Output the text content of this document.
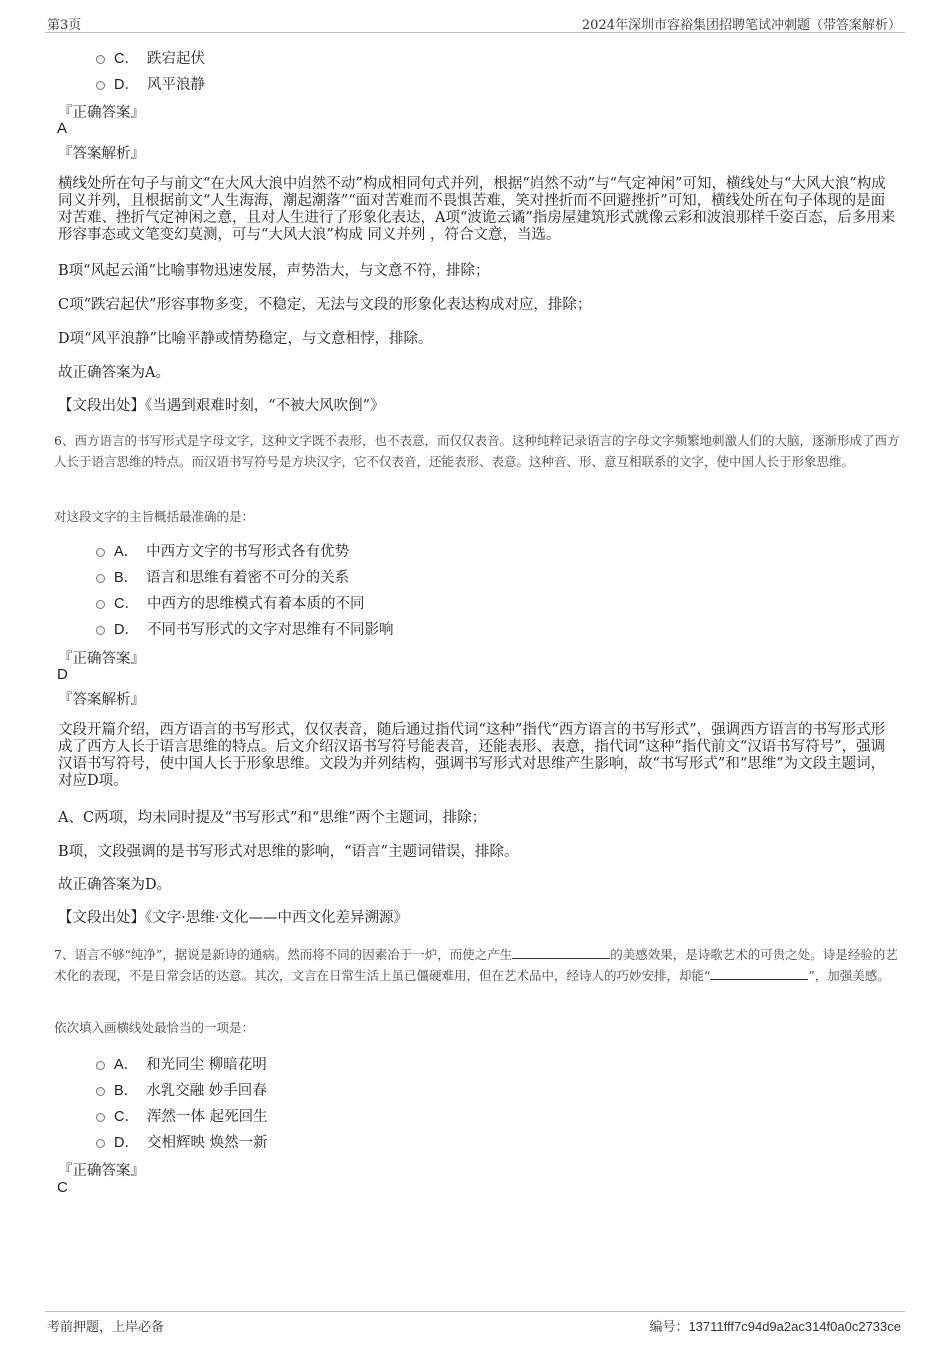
第3页	2024年深圳市容裕集团招聘笔试冲刺题（带答案解析）
C． 跌宕起伏
D． 风平浪静
『正确答案』
A
『答案解析』

横线处所在句子与前文“在大风大浪中岿然不动”构成相同句式并列，根据“岿然不动”与“气定神闲”可知，横线处与“大风大浪”构成同义并列，且根据前文“人生海海，潮起潮落”“面对苦难而不畏惧苦难，笑对挫折而不回避挫折”可知，横线处所在句子体现的是面对苦难、挫折气定神闲之意，且对人生进行了形象化表达，A项“波诡云谲”指房屋建筑形式就像云彩和波浪那样千姿百态，后多用来形容事态或文笔变幻莫测，可与“大风大浪”构成 同义并列 ，符合文意，当选。

B项“风起云涌”比喻事物迅速发展，声势浩大，与文意不符，排除；

C项“跌宕起伏”形容事物多变，不稳定，无法与文段的形象化表达构成对应，排除；

D项“风平浪静”比喻平静或情势稳定，与文意相悖，排除。

故正确答案为A。

【文段出处】《当遇到艰难时刻，“不被大风吹倒”》

6、西方语言的书写形式是字母文字，这种文字既不表形，也不表意，而仅仅表音。这种纯粹记录语言的字母文字频繁地刺激人们的大脑，逐渐形成了西方人长于语言思维的特点。而汉语书写符号是方块汉字，它不仅表音，还能表形、表意。这种音、形、意互相联系的文字，使中国人长于形象思维。

对这段文字的主旨概括最准确的是：

A． 中西方文字的书写形式各有优势
B． 语言和思维有着密不可分的关系
C． 中西方的思维模式有着本质的不同
D． 不同书写形式的文字对思维有不同影响
『正确答案』
D
『答案解析』

文段开篇介绍，西方语言的书写形式，仅仅表音，随后通过指代词“这种”指代“西方语言的书写形式”，强调西方语言的书写形式形成了西方人长于语言思维的特点。后文介绍汉语书写符号能表音，还能表形、表意，指代词“这种”指代前文“汉语书写符号”，强调汉语书写符号，使中国人长于形象思维。文段为并列结构，强调书写形式对思维产生影响，故“书写形式”和“思维”为文段主题词，对应D项。

A、C两项，均未同时提及“书写形式”和“思维”两个主题词，排除；

B项，文段强调的是书写形式对思维的影响，“语言”主题词错误，排除。

故正确答案为D。

【文段出处】《文字·思维·文化——中西文化差异溯源》

7、语言不够“纯净”，据说是新诗的通病。然而将不同的因素冶于一炉，而使之产生	的美感效果，是诗歌艺术的可贵之处。诗是经验的艺术化的表现，不是日常会话的达意。其次，文言在日常生活上虽已僵硬难用，但在艺术品中，经诗人的巧妙安排，却能“	”，加强美感。

依次填入画横线处最恰当的一项是：

A． 和光同尘 柳暗花明
B． 水乳交融 妙手回春
C． 浑然一体 起死回生
D． 交相辉映 焕然一新
『正确答案』
C
考前押题，上岸必备	编号：13711fff7c94d9a2ac314f0a0c2733ce
